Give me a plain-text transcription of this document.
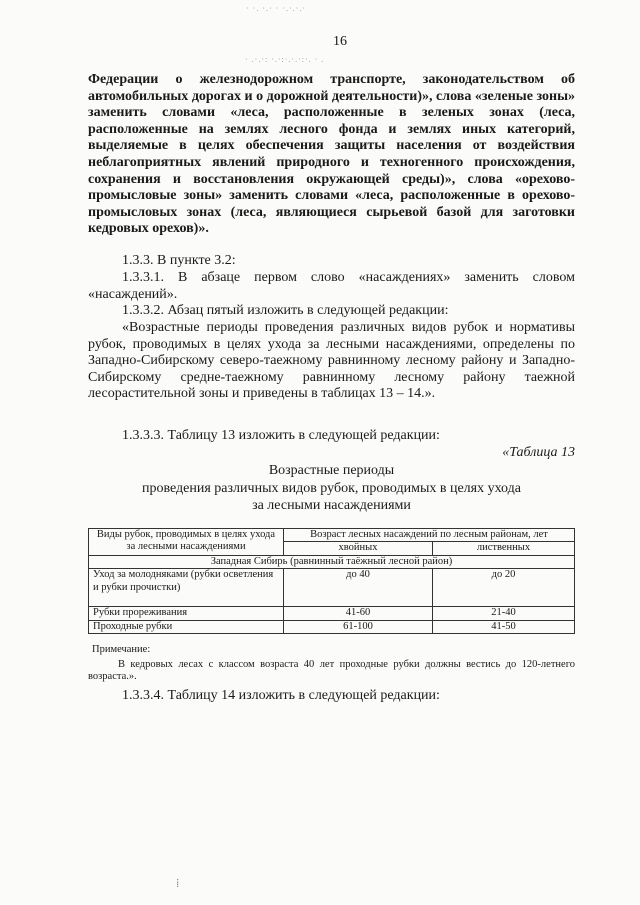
· ·. ·.· · ·.·.·.·
· .·.·: ·.·:·.·.·:·. · .
16

Федерации о железнодорожном транспорте, законодательством об автомобильных дорогах и о дорожной деятельности)», слова «зеленые зоны» заменить словами «леса, расположенные в зеленых зонах (леса, расположенные на землях лесного фонда и землях иных категорий, выделяемые в целях обеспечения защиты населения от воздействия неблагоприятных явлений природного и техногенного происхождения, сохранения и восстановления окружающей среды)», слова «орехово-промысловые зоны» заменить словами «леса, расположенные в орехово-промысловых зонах (леса, являющиеся сырьевой базой для заготовки кедровых орехов)».

1.3.3. В пункте 3.2:

1.3.3.1. В абзаце первом слово «насаждениях» заменить словом «насаждений».

1.3.3.2. Абзац пятый изложить в следующей редакции:

«Возрастные периоды проведения различных видов рубок и нормативы рубок, проводимых в целях ухода за лесными насаждениями, определены по Западно-Сибирскому северо-таежному равнинному лесному району и Западно-Сибирскому средне-таежному равнинному лесному району таежной лесорастительной зоны и приведены в таблицах 13 – 14.».

1.3.3.3. Таблицу 13 изложить в следующей редакции:

«Таблица 13

Возрастные периоды

проведения различных видов рубок, проводимых в целях ухода

за лесными насаждениями

Виды рубок, проводимых в целях ухода за лесными насаждениями	Возраст лесных насаждений по лесным районам, лет	
	хвойных	лиственных
Западная Сибирь (равнинный таёжный лесной район)		
Уход за молодняками (рубки осветления и рубки прочистки)	до 40	до 20
Рубки прореживания	41-60	21-40
Проходные рубки	61-100	41-50

Примечание:

В кедровых лесах с классом возраста 40 лет проходные рубки должны вестись до 120-летнего возраста.».

1.3.3.4. Таблицу 14 изложить в следующей редакции:

⁞
